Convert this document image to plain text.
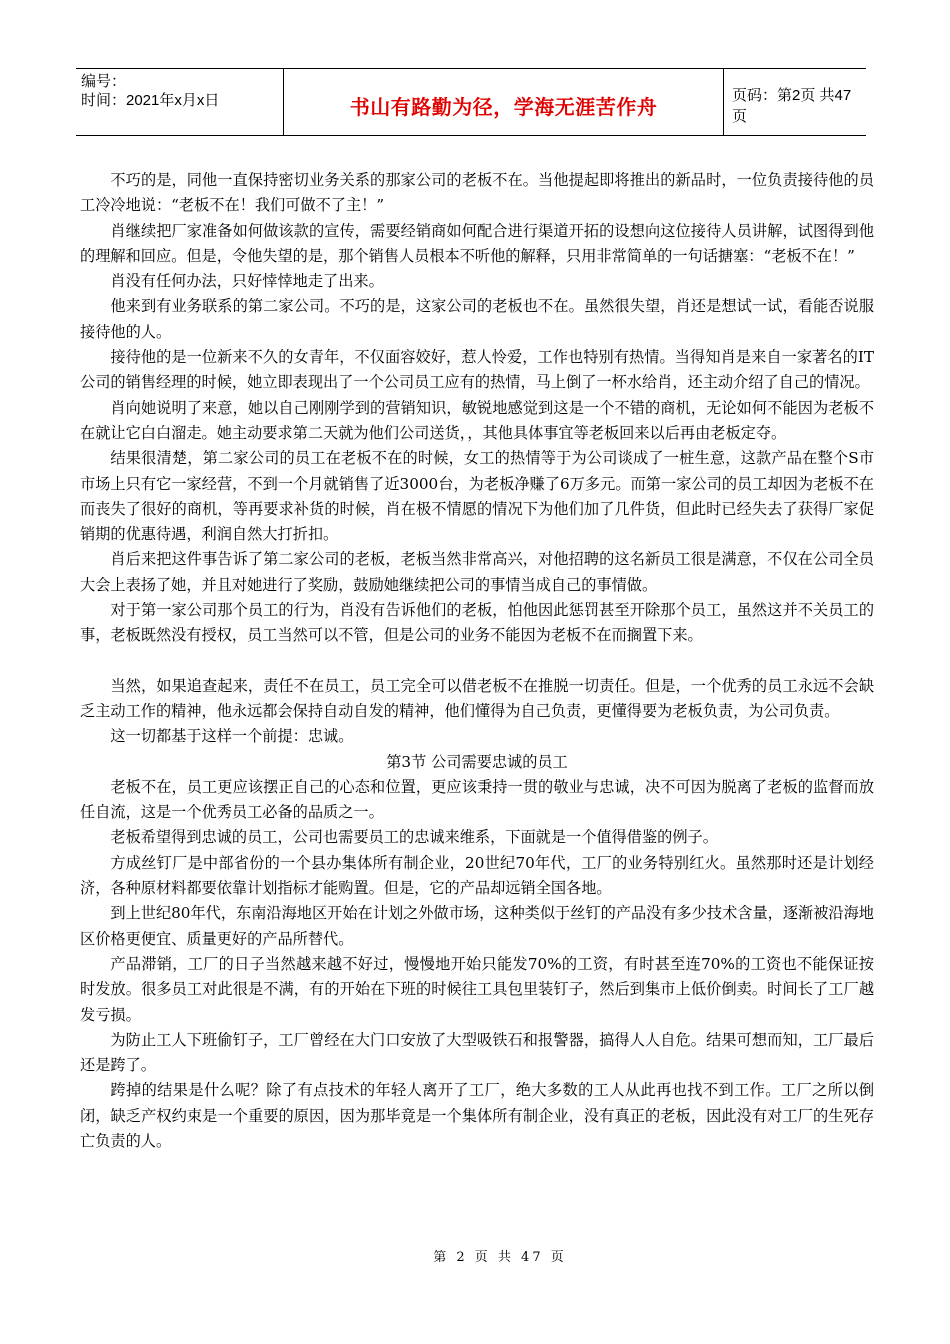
编号：
时间：2021年x月x日	书山有路勤为径，学海无涯苦作舟	页码：第2页 共47页

不巧的是，同他一直保持密切业务关系的那家公司的老板不在。当他提起即将推出的新品时，一位负责接待他的员工冷冷地说：“老板不在！我们可做不了主！”

肖继续把厂家准备如何做该款的宣传，需要经销商如何配合进行渠道开拓的设想向这位接待人员讲解，试图得到他的理解和回应。但是，令他失望的是，那个销售人员根本不听他的解释，只用非常简单的一句话搪塞：“老板不在！”

肖没有任何办法，只好悻悻地走了出来。

他来到有业务联系的第二家公司。不巧的是，这家公司的老板也不在。虽然很失望，肖还是想试一试，看能否说服接待他的人。

接待他的是一位新来不久的女青年，不仅面容姣好，惹人怜爱，工作也特别有热情。当得知肖是来自一家著名的IT公司的销售经理的时候，她立即表现出了一个公司员工应有的热情，马上倒了一杯水给肖，还主动介绍了自己的情况。

肖向她说明了来意，她以自己刚刚学到的营销知识，敏锐地感觉到这是一个不错的商机，无论如何不能因为老板不在就让它白白溜走。她主动要求第二天就为他们公司送货，，其他具体事宜等老板回来以后再由老板定夺。

结果很清楚，第二家公司的员工在老板不在的时候，女工的热情等于为公司谈成了一桩生意，这款产品在整个S市市场上只有它一家经营，不到一个月就销售了近3000台，为老板净赚了6万多元。而第一家公司的员工却因为老板不在而丧失了很好的商机，等再要求补货的时候，肖在极不情愿的情况下为他们加了几件货，但此时已经失去了获得厂家促销期的优惠待遇，利润自然大打折扣。

肖后来把这件事告诉了第二家公司的老板，老板当然非常高兴，对他招聘的这名新员工很是满意，不仅在公司全员大会上表扬了她，并且对她进行了奖励，鼓励她继续把公司的事情当成自己的事情做。

对于第一家公司那个员工的行为，肖没有告诉他们的老板，怕他因此惩罚甚至开除那个员工，虽然这并不关员工的事，老板既然没有授权，员工当然可以不管，但是公司的业务不能因为老板不在而搁置下来。

当然，如果追查起来，责任不在员工，员工完全可以借老板不在推脱一切责任。但是，一个优秀的员工永远不会缺乏主动工作的精神，他永远都会保持自动自发的精神，他们懂得为自己负责，更懂得要为老板负责，为公司负责。

这一切都基于这样一个前提：忠诚。

第3节 公司需要忠诚的员工

老板不在，员工更应该摆正自己的心态和位置，更应该秉持一贯的敬业与忠诚，决不可因为脱离了老板的监督而放任自流，这是一个优秀员工必备的品质之一。

老板希望得到忠诚的员工，公司也需要员工的忠诚来维系，下面就是一个值得借鉴的例子。

方成丝钉厂是中部省份的一个县办集体所有制企业，20世纪70年代，工厂的业务特别红火。虽然那时还是计划经济，各种原材料都要依靠计划指标才能购置。但是，它的产品却远销全国各地。

到上世纪80年代，东南沿海地区开始在计划之外做市场，这种类似于丝钉的产品没有多少技术含量，逐渐被沿海地区价格更便宜、质量更好的产品所替代。

产品滞销，工厂的日子当然越来越不好过，慢慢地开始只能发70%的工资，有时甚至连70%的工资也不能保证按时发放。很多员工对此很是不满，有的开始在下班的时候往工具包里装钉子，然后到集市上低价倒卖。时间长了工厂越发亏损。

为防止工人下班偷钉子，工厂曾经在大门口安放了大型吸铁石和报警器，搞得人人自危。结果可想而知，工厂最后还是跨了。

跨掉的结果是什么呢？除了有点技术的年轻人离开了工厂，绝大多数的工人从此再也找不到工作。工厂之所以倒闭，缺乏产权约束是一个重要的原因，因为那毕竟是一个集体所有制企业，没有真正的老板，因此没有对工厂的生死存亡负责的人。

第 2 页 共 47 页
